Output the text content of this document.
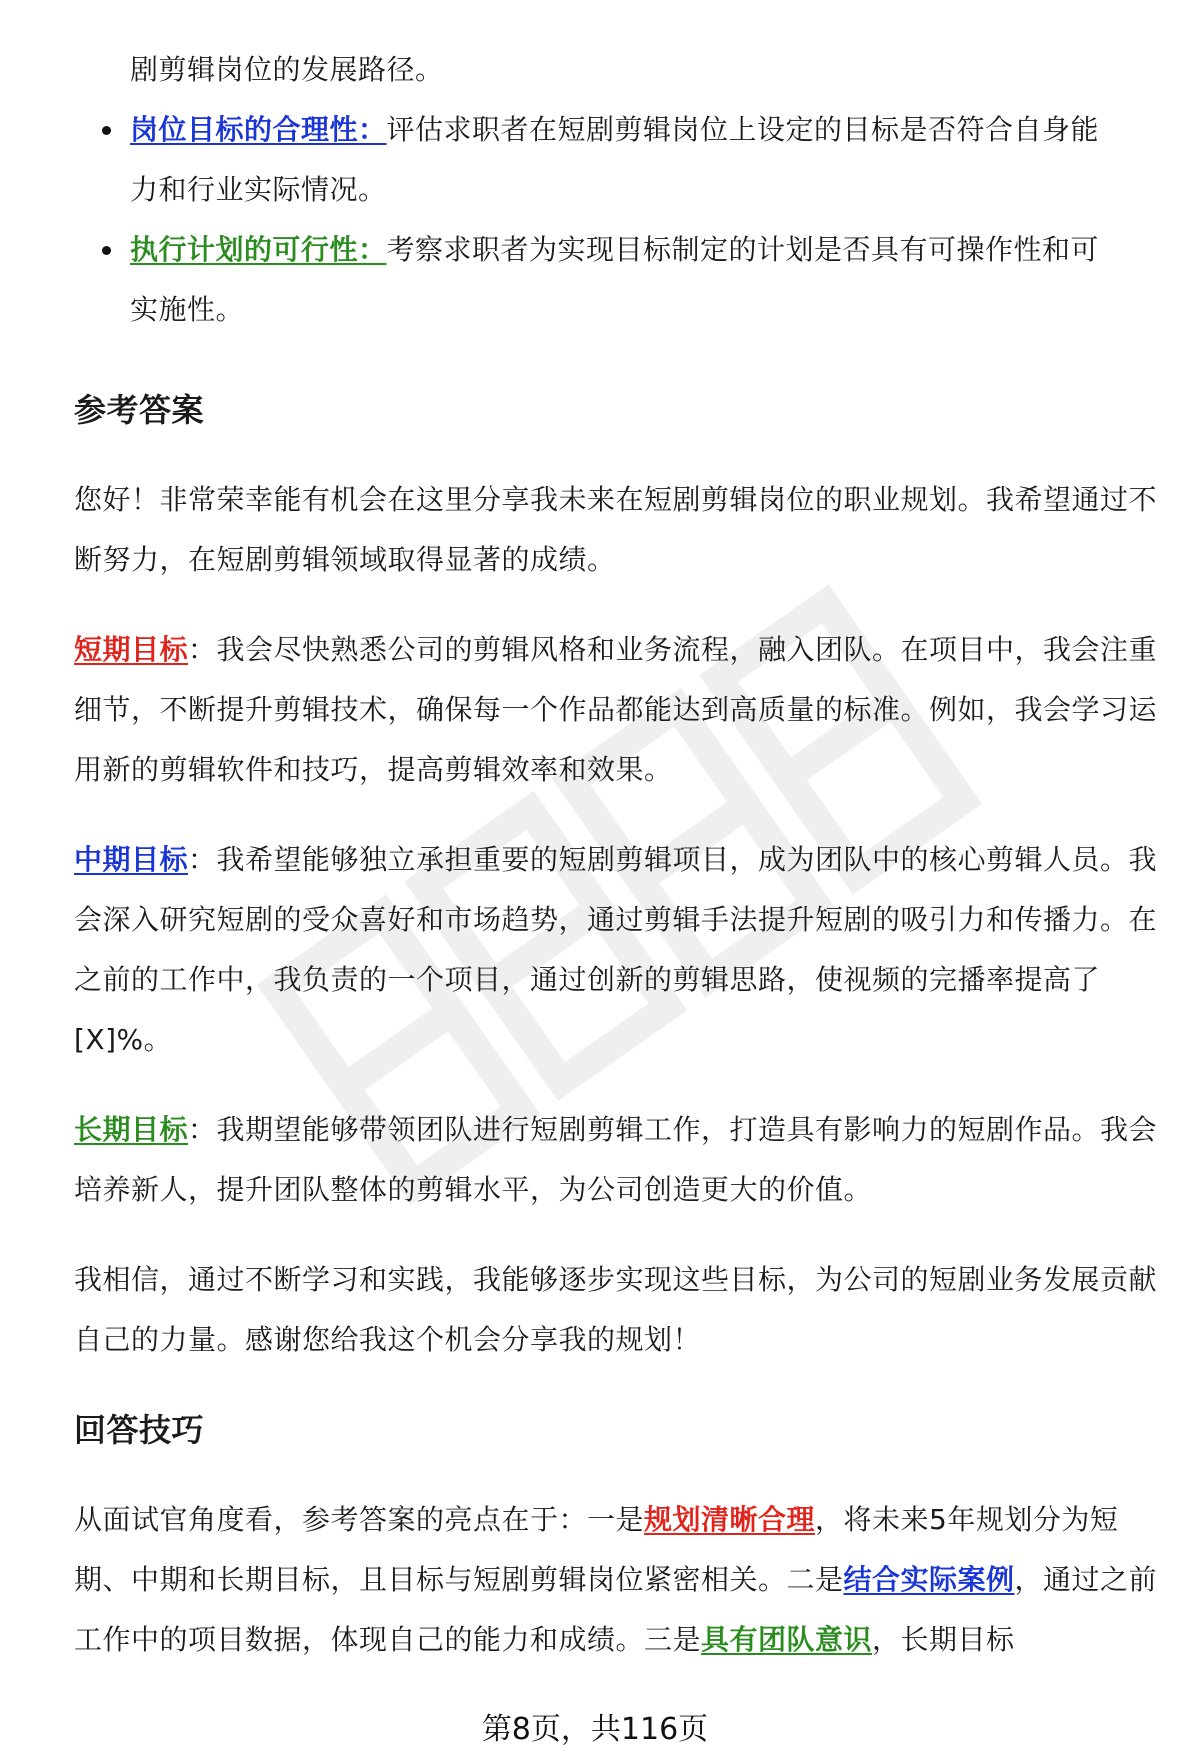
剧剪辑岗位的发展路径。

岗位目标的合理性：评估求职者在短剧剪辑岗位上设定的目标是否符合自身能
力和行业实际情况。
执行计划的可行性：考察求职者为实现目标制定的计划是否具有可操作性和可
实施性。
参考答案

您好！非常荣幸能有机会在这里分享我未来在短剧剪辑岗位的职业规划。我希望通过不断努力，在短剧剪辑领域取得显著的成绩。

短期目标：我会尽快熟悉公司的剪辑风格和业务流程，融入团队。在项目中，我会注重细节，不断提升剪辑技术，确保每一个作品都能达到高质量的标准。例如，我会学习运用新的剪辑软件和技巧，提高剪辑效率和效果。

中期目标：我希望能够独立承担重要的短剧剪辑项目，成为团队中的核心剪辑人员。我会深入研究短剧的受众喜好和市场趋势，通过剪辑手法提升短剧的吸引力和传播力。在之前的工作中，我负责的一个项目，通过创新的剪辑思路，使视频的完播率提高了[X]%。

长期目标：我期望能够带领团队进行短剧剪辑工作，打造具有影响力的短剧作品。我会培养新人，提升团队整体的剪辑水平，为公司创造更大的价值。

我相信，通过不断学习和实践，我能够逐步实现这些目标，为公司的短剧业务发展贡献自己的力量。感谢您给我这个机会分享我的规划！

回答技巧

从面试官角度看，参考答案的亮点在于：一是规划清晰合理，将未来5年规划分为短期、中期和长期目标，且目标与短剧剪辑岗位紧密相关。二是结合实际案例，通过之前工作中的项目数据，体现自己的能力和成绩。三是具有团队意识，长期目标

第8页，共116页
